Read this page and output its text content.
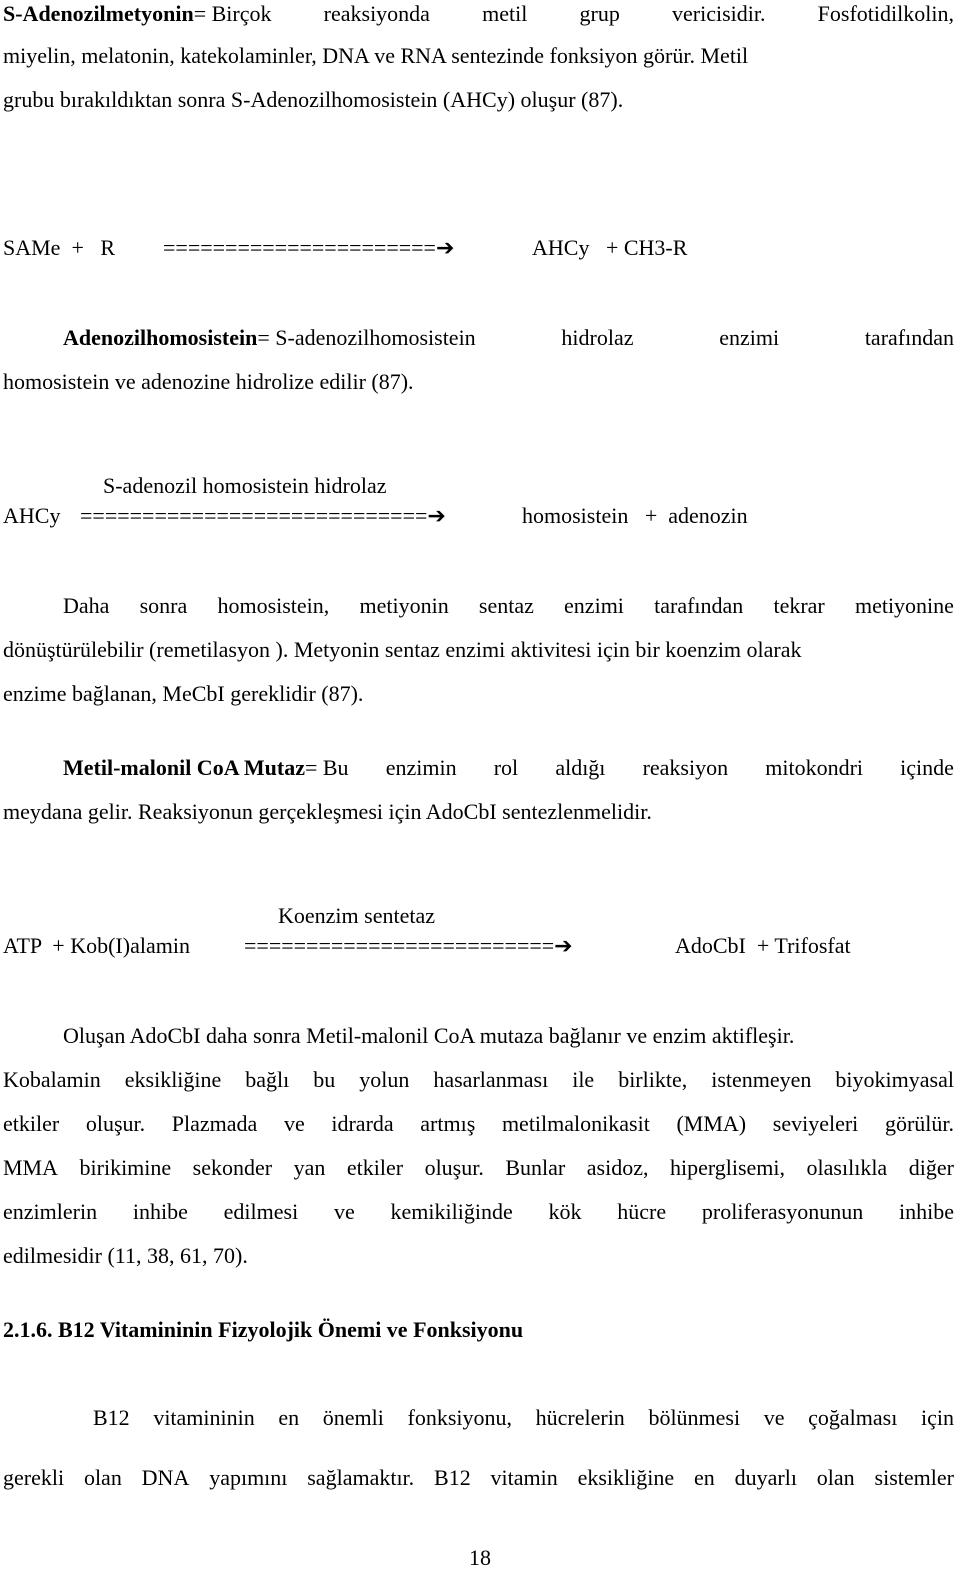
S-Adenozilmetyonin= Birçok reaksiyonda metil grup vericisidir. Fosfotidilkolin,
miyelin, melatonin, katekolaminler, DNA ve RNA sentezinde fonksiyon görür. Metil
grubu bırakıldıktan sonra S-Adenozilhomosistein (AHCy) oluşur (87).
SAMe  +   R ======================➔	AHCy   + CH3-R
Adenozilhomosistein= S-adenozilhomosistein	hidrolaz	enzimi	tarafından
homosistein ve adenozine hidrolize edilir (87).
S-adenozil homosistein hidrolaz
AHCy ============================➔	homosistein   +  adenozin
Daha sonra homosistein, metiyonin sentaz enzimi tarafından tekrar metiyonine
dönüştürülebilir (remetilasyon ). Metyonin sentaz enzimi aktivitesi için bir koenzim olarak
enzime bağlanan, MeCbI gereklidir (87).
Metil-malonil CoA Mutaz= Bu enzimin rol aldığı reaksiyon mitokondri içinde
meydana gelir. Reaksiyonun gerçekleşmesi için AdoCbI sentezlenmelidir.
Koenzim sentetaz
ATP  + Kob(I)alamin =========================➔	AdoCbI  + Trifosfat
Oluşan AdoCbI daha sonra Metil-malonil CoA mutaza bağlanır ve enzim aktifleşir.
Kobalamin eksikliğine bağlı bu yolun hasarlanması ile birlikte, istenmeyen biyokimyasal
etkiler oluşur. Plazmada ve idrarda artmış metilmalonikasit (MMA) seviyeleri görülür.
MMA birikimine sekonder yan etkiler oluşur. Bunlar asidoz, hiperglisemi, olasılıkla diğer
enzimlerin inhibe edilmesi ve kemikiliğinde kök hücre proliferasyonunun inhibe
edilmesidir (11, 38, 61, 70).
2.1.6. B12 Vitamininin Fizyolojik Önemi ve Fonksiyonu
B12 vitamininin en önemli fonksiyonu, hücrelerin bölünmesi ve çoğalması için
gerekli olan DNA yapımını sağlamaktır. B12 vitamin eksikliğine en duyarlı olan sistemler
18
